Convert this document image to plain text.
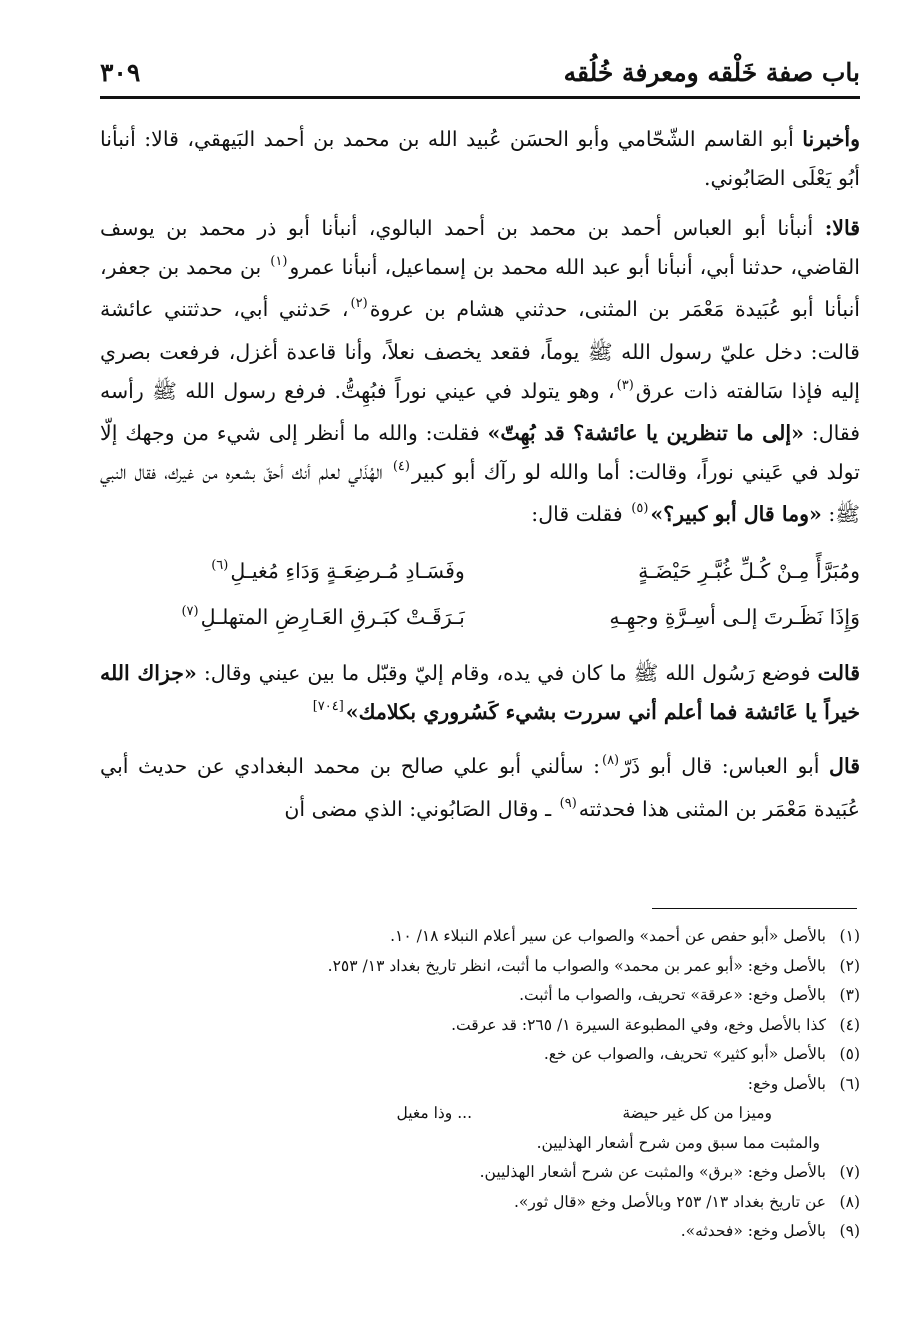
باب صفة خَلْقه ومعرفة خُلُقه
٣٠٩

وأخبرنا أبو القاسم الشّحّامي وأبو الحسَن عُبيد الله بن محمد بن أحمد البَيهقي، قالا: أنبأنا أبُو يَعْلَى الصَابُوني.

قالا: أنبأنا أبو العباس أحمد بن محمد بن أحمد البالوي، أنبأنا أبو ذر محمد بن يوسف القاضي، حدثنا أبي، أنبأنا أبو عبد الله محمد بن إسماعيل، أنبأنا عمرو$^{(١)}$ بن محمد بن جعفر، أنبأنا أبو عُبَيدة مَعْمَر بن المثنى، حدثني هشام بن عروة$^{(٢)}$، حَدثني أبي، حدثتني عائشة قالت: دخل عليّ رسول الله ﷺ يوماً، فقعد يخصف نعلاً، وأنا قاعدة أغزل، فرفعت بصري إليه فإذا سَالفته ذات عرق$^{(٣)}$، وهو يتولد في عيني نوراً فبُهِتُّ. فرفع رسول الله ﷺ رأسه فقال: «إلى ما تنظرين يا عائشة؟ قد بُهِتّ» فقلت: والله ما أنظر إلى شيء من وجهك إلّا تولد في عَيني نوراً، وقالت: أما والله لو رآك أبو كبير$^{(٤)}$ الهُذَلي لعلم أنك أحقّ بشعره من غيرك، فقال النبي ﷺ: «وما قال أبو كبير؟»$^{(٥)}$ فقلت قال:

ومُبَرَّأً مِـنْ كُـلِّ غُبَّـرِ حَيْضَـةٍ
وفَسَـادِ مُـرضِعَـةٍ وَدَاءِ مُغيـلِ$^{(٦)}$
وَإِذَا نَظَـرتَ إلـى أسِـرَّةِ وجهِـهِ
بَـرَقَـتْ كبَـرقِ العَـارِضِ المتهلـلِ$^{(٧)}$

قالت فوضع رَسُول الله ﷺ ما كان في يده، وقام إليّ وقبّل ما بين عيني وقال: «جزاك الله خيراً يا عَائشة فما أعلم أني سررت بشيء كَسُروري بكلامك»[٧٠٤]

قال أبو العباس: قال أبو ذَرّ$^{(٨)}$: سألني أبو علي صالح بن محمد البغدادي عن حديث أبي عُبَيدة مَعْمَر بن المثنى هذا فحدثته$^{(٩)}$ ـ وقال الصَابُوني: الذي مضى أن

(١)
بالأصل «أبو حفص عن أحمد» والصواب عن سير أعلام النبلاء ١٨/ ١٠.
(٢)
بالأصل وخع: «أبو عمر بن محمد» والصواب ما أثبت، انظر تاريخ بغداد ١٣/ ٢٥٣.
(٣)
بالأصل وخع: «عرقة» تحريف، والصواب ما أثبت.
(٤)
كذا بالأصل وخع، وفي المطبوعة السيرة ١/ ٢٦٥: قد عرقت.
(٥)
بالأصل «أبو كثير» تحريف، والصواب عن خع.
(٦)
بالأصل وخع:
وميزا من كل غير حيضة
... وذا مغيل
والمثبت مما سبق ومن شرح أشعار الهذليين.
(٧)
بالأصل وخع: «برق» والمثبت عن شرح أشعار الهذليين.
(٨)
عن تاريخ بغداد ١٣/ ٢٥٣ وبالأصل وخع «قال ثور».
(٩)
بالأصل وخع: «فحدثه».
